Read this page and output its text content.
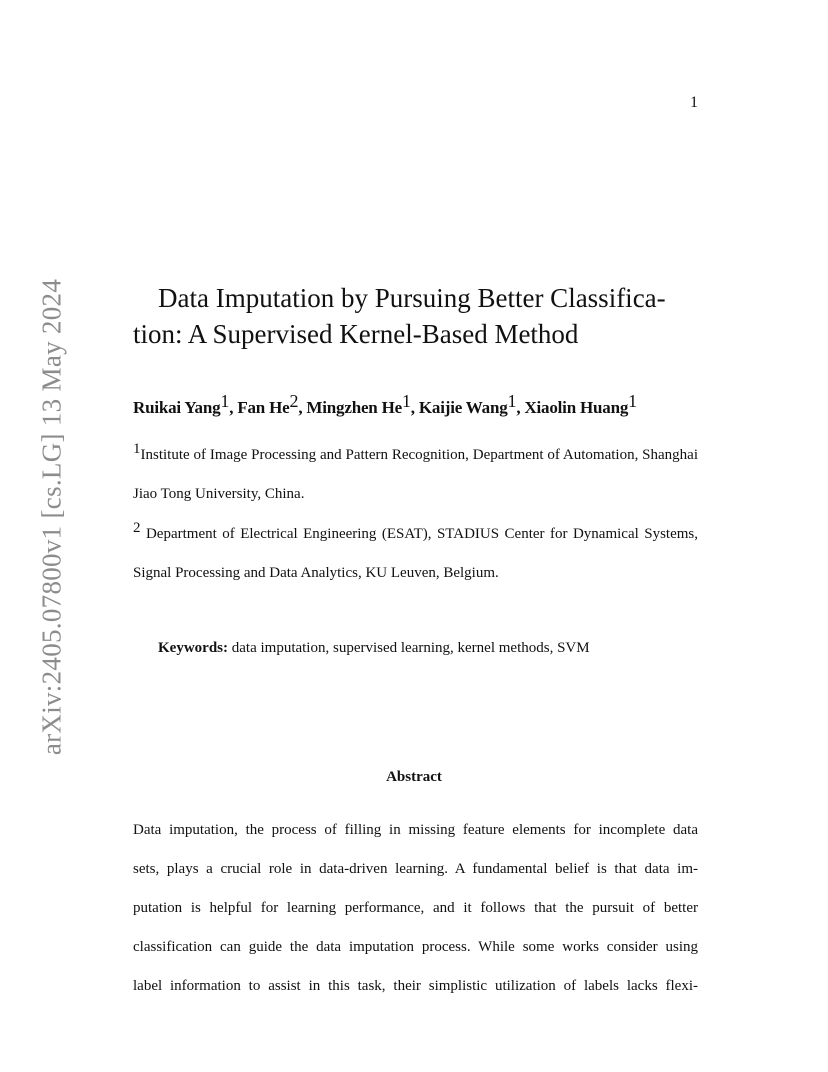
1
arXiv:2405.07800v1 [cs.LG] 13 May 2024	Data Imputation by Pursuing Better Classifica-
tion: A Supervised Kernel-Based Method
Ruikai Yang$^1$, Fan He$^2$, Mingzhen He$^1$, Kaijie Wang$^1$, Xiaolin Huang$^1$
$^1$Institute of Image Processing and Pattern Recognition, Department of Automation, Shanghai Jiao Tong University, China.
$^2$ Department of Electrical Engineering (ESAT), STADIUS Center for Dynamical Systems, Signal Processing and Data Analytics, KU Leuven, Belgium.
Keywords: data imputation, supervised learning, kernel methods, SVM
Abstract
Data imputation, the process of filling in missing feature elements for incomplete data
sets, plays a crucial role in data-driven learning. A fundamental belief is that data im-
putation is helpful for learning performance, and it follows that the pursuit of better
classification can guide the data imputation process. While some works consider using
label information to assist in this task, their simplistic utilization of labels lacks flexi-
